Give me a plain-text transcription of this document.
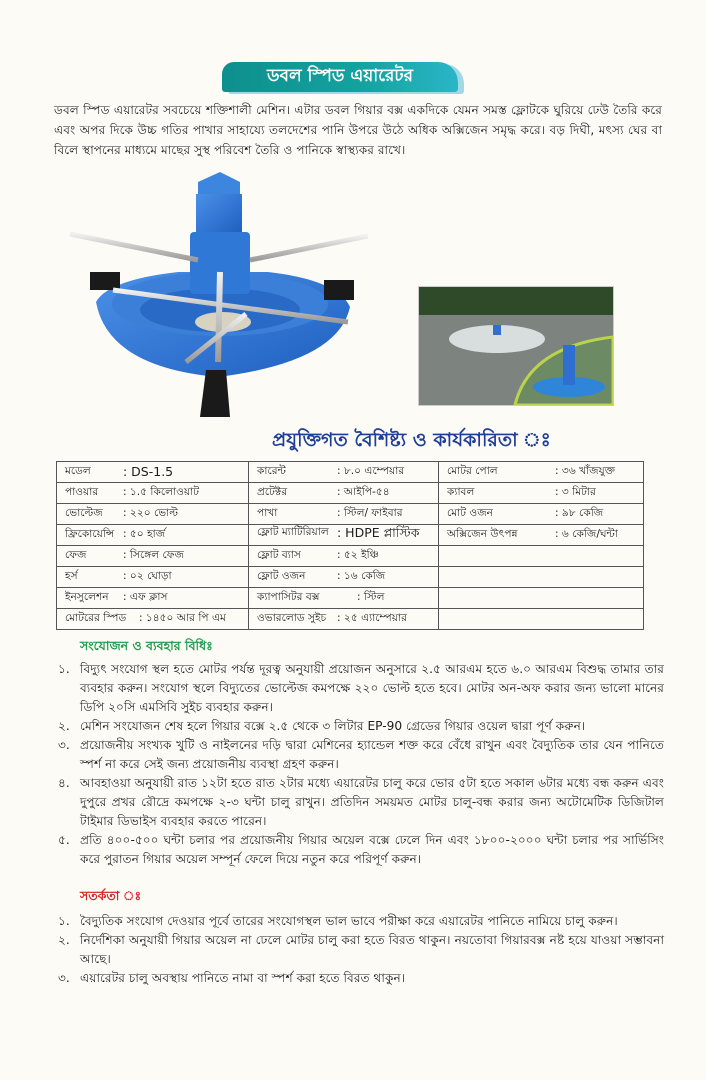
ডবল স্পিড এয়ারেটর
ডবল স্পিড এয়ারেটর সবচেয়ে শক্তিশালী মেশিন। এটার ডবল গিয়ার বক্স একদিকে যেমন সমস্ত ফ্লোটকে ঘুরিয়ে ঢেউ তৈরি করে এবং অপর দিকে উচ্চ গতির পাখার সাহায্যে তলদেশের পানি উপরে উঠে অধিক অক্সিজেন সমৃদ্ধ করে। বড় দিঘী, মৎস্য ঘের বা বিলে স্থাপনের মাধ্যমে মাছের সুস্থ পরিবেশ তৈরি ও পানিকে স্বাস্থ্যকর রাখে।
প্রযুক্তিগত বৈশিষ্ট্য ও কার্যকারিতা ঃ
মডেল : DS-1.5	কারেন্ট : ৮.০ এম্পেয়ার	মোটর পোল : ৩৬ খাঁজযুক্ত

পাওয়ার : ১.৫ কিলোওয়াট	প্রটেক্টর : আইপি-৫৪	ক্যাবল : ৩ মিটার

ভোল্টেজ : ২২০ ভোল্ট	পাখা : স্টিল/ ফাইবার	মোট ওজন : ৯৮ কেজি

ফ্রিকোয়েন্সি : ৫০ হার্জ	ফ্লোট ম্যাটিরিয়াল : HDPE প্লাস্টিক	অক্সিজেন উৎপন্ন : ৬ কেজি/ঘন্টা

ফেজ : সিঙ্গেল ফেজ	ফ্লোট ব্যাস : ৫২ ইঞ্চি	

হর্স : ০২ ঘোড়া	ফ্লোট ওজন : ১৬ কেজি	

ইনসুলেশন : এফ ক্লাস	ক্যাপাসিটর বক্স : স্টিল	

মোটরের স্পিড : ১৪৫০ আর পি এম	ওভারলোড সুইচ : ২৫ এ্যাম্পেয়ার	

সংযোজন ও ব্যবহার বিধিঃ
১. বিদ্যুৎ সংযোগ স্থল হতে মোটর পর্যন্ত দূরত্ব অনুযায়ী প্রয়োজন অনুসারে ২.৫ আরএম হতে ৬.০ আরএম বিশুদ্ধ তামার তার ব্যবহার করুন। সংযোগ স্থলে বিদ্যুতের ভোল্টেজ কমপক্ষে ২২০ ভোল্ট হতে হবে। মোটর অন-অফ করার জন্য ভালো মানের ডিপি ২০সি এমসিবি সুইচ ব্যবহার করুন।
২. মেশিন সংযোজন শেষ হলে গিয়ার বক্সে ২.৫ থেকে ৩ লিটার EP-90 গ্রেডের গিয়ার ওয়েল দ্বারা পূর্ণ করুন।
৩. প্রয়োজনীয় সংখ্যক খুটি ও নাইলনের দড়ি দ্বারা মেশিনের হ্যান্ডেল শক্ত করে বেঁধে রাখুন এবং বৈদ্যুতিক তার যেন পানিতে স্পর্শ না করে সেই জন্য প্রয়োজনীয় ব্যবস্থা গ্রহণ করুন।
৪. আবহাওয়া অনুযায়ী রাত ১২টা হতে রাত ২টার মধ্যে এয়ারেটর চালু করে ভোর ৫টা হতে সকাল ৬টার মধ্যে বন্ধ করুন এবং দুপুরে প্রখর রৌদ্রে কমপক্ষে ২-৩ ঘন্টা চালু রাখুন। প্রতিদিন সময়মত মোটর চালু-বন্ধ করার জন্য অটোমেটিক ডিজিটাল টাইমার ডিভাইস ব্যবহার করতে পারেন।
৫. প্রতি ৪০০-৫০০ ঘন্টা চলার পর প্রয়োজনীয় গিয়ার অয়েল বক্সে ঢেলে দিন এবং ১৮০০-২০০০ ঘন্টা চলার পর সার্ভিসিং করে পুরাতন গিয়ার অয়েল সম্পূর্ন ফেলে দিয়ে নতুন করে পরিপূর্ণ করুন।
সতর্কতা ঃ
১. বৈদ্যুতিক সংযোগ দেওয়ার পূর্বে তারের সংযোগস্থল ভাল ভাবে পরীক্ষা করে এয়ারেটর পানিতে নামিয়ে চালু করুন।
২. নির্দেশিকা অনুযায়ী গিয়ার অয়েল না ঢেলে মোটর চালু করা হতে বিরত থাকুন। নয়তোবা গিয়ারবক্স নষ্ট হয়ে যাওয়া সম্ভাবনা আছে।
৩. এয়ারেটর চালু অবস্থায় পানিতে নামা বা স্পর্শ করা হতে বিরত থাকুন।
